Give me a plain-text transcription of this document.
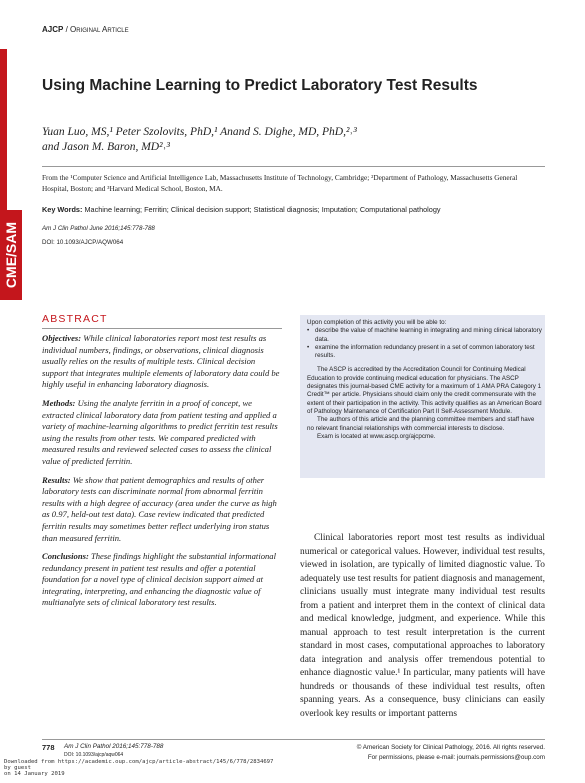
AJCP / Original Article
CME/SAM
Using Machine Learning to Predict Laboratory Test Results
Yuan Luo, MS,¹ Peter Szolovits, PhD,¹ Anand S. Dighe, MD, PhD,²˒³
and Jason M. Baron, MD²˒³
From the ¹Computer Science and Artificial Intelligence Lab, Massachusetts Institute of Technology, Cambridge; ²Department of Pathology, Massachusetts General Hospital, Boston; and ³Harvard Medical School, Boston, MA.
Key Words: Machine learning; Ferritin; Clinical decision support; Statistical diagnosis; Imputation; Computational pathology
Am J Clin Pathol June 2016;145:778-788
DOI: 10.1093/AJCP/AQW064
ABSTRACT

Objectives: While clinical laboratories report most test results as individual numbers, findings, or observations, clinical diagnosis usually relies on the results of multiple tests. Clinical decision support that integrates multiple elements of laboratory data could be highly useful in enhancing laboratory diagnosis.

Methods: Using the analyte ferritin in a proof of concept, we extracted clinical laboratory data from patient testing and applied a variety of machine-learning algorithms to predict ferritin test results using the results from other tests. We compared predicted with measured results and reviewed selected cases to assess the clinical value of predicted ferritin.

Results: We show that patient demographics and results of other laboratory tests can discriminate normal from abnormal ferritin results with a high degree of accuracy (area under the curve as high as 0.97, held-out test data). Case review indicated that predicted ferritin results may sometimes better reflect underlying iron status than measured ferritin.

Conclusions: These findings highlight the substantial informational redundancy present in patient test results and offer a potential foundation for a novel type of clinical decision support aimed at integrating, interpreting, and enhancing the diagnostic value of multianalyte sets of clinical laboratory test results.

Upon completion of this activity you will be able to:

• describe the value of machine learning in integrating and mining clinical laboratory data.
• examine the information redundancy present in a set of common laboratory test results.

The ASCP is accredited by the Accreditation Council for Continuing Medical Education to provide continuing medical education for physicians. The ASCP designates this journal-based CME activity for a maximum of 1 AMA PRA Category 1 Credit™ per article. Physicians should claim only the credit commensurate with the extent of their participation in the activity. This activity qualifies as an American Board of Pathology Maintenance of Certification Part II Self-Assessment Module.

The authors of this article and the planning committee members and staff have no relevant financial relationships with commercial interests to disclose.

Exam is located at www.ascp.org/ajcpcme.

Clinical laboratories report most test results as individual numerical or categorical values. However, individual test results, viewed in isolation, are typically of limited diagnostic value. To adequately use test results for patient diagnosis and management, clinicians usually must integrate many individual test results from a patient and interpret them in the context of clinical data and medical knowledge, judgment, and experience. While this manual approach to test result interpretation is the current standard in most cases, computational approaches to laboratory data integration and analysis offer tremendous potential to enhance diagnostic value.¹ In particular, many patients will have hundreds or thousands of these individual test results, often spanning years. As a consequence, busy clinicians can easily overlook key results or important patterns

778 Am J Clin Pathol 2016;145:778-788
DOI: 10.1093/ajcp/aqw064
© American Society for Clinical Pathology, 2016. All rights reserved.
For permissions, please e-mail: journals.permissions@oup.com
Downloaded from https://academic.oup.com/ajcp/article-abstract/145/6/778/2834697
by guest
on 14 January 2019
